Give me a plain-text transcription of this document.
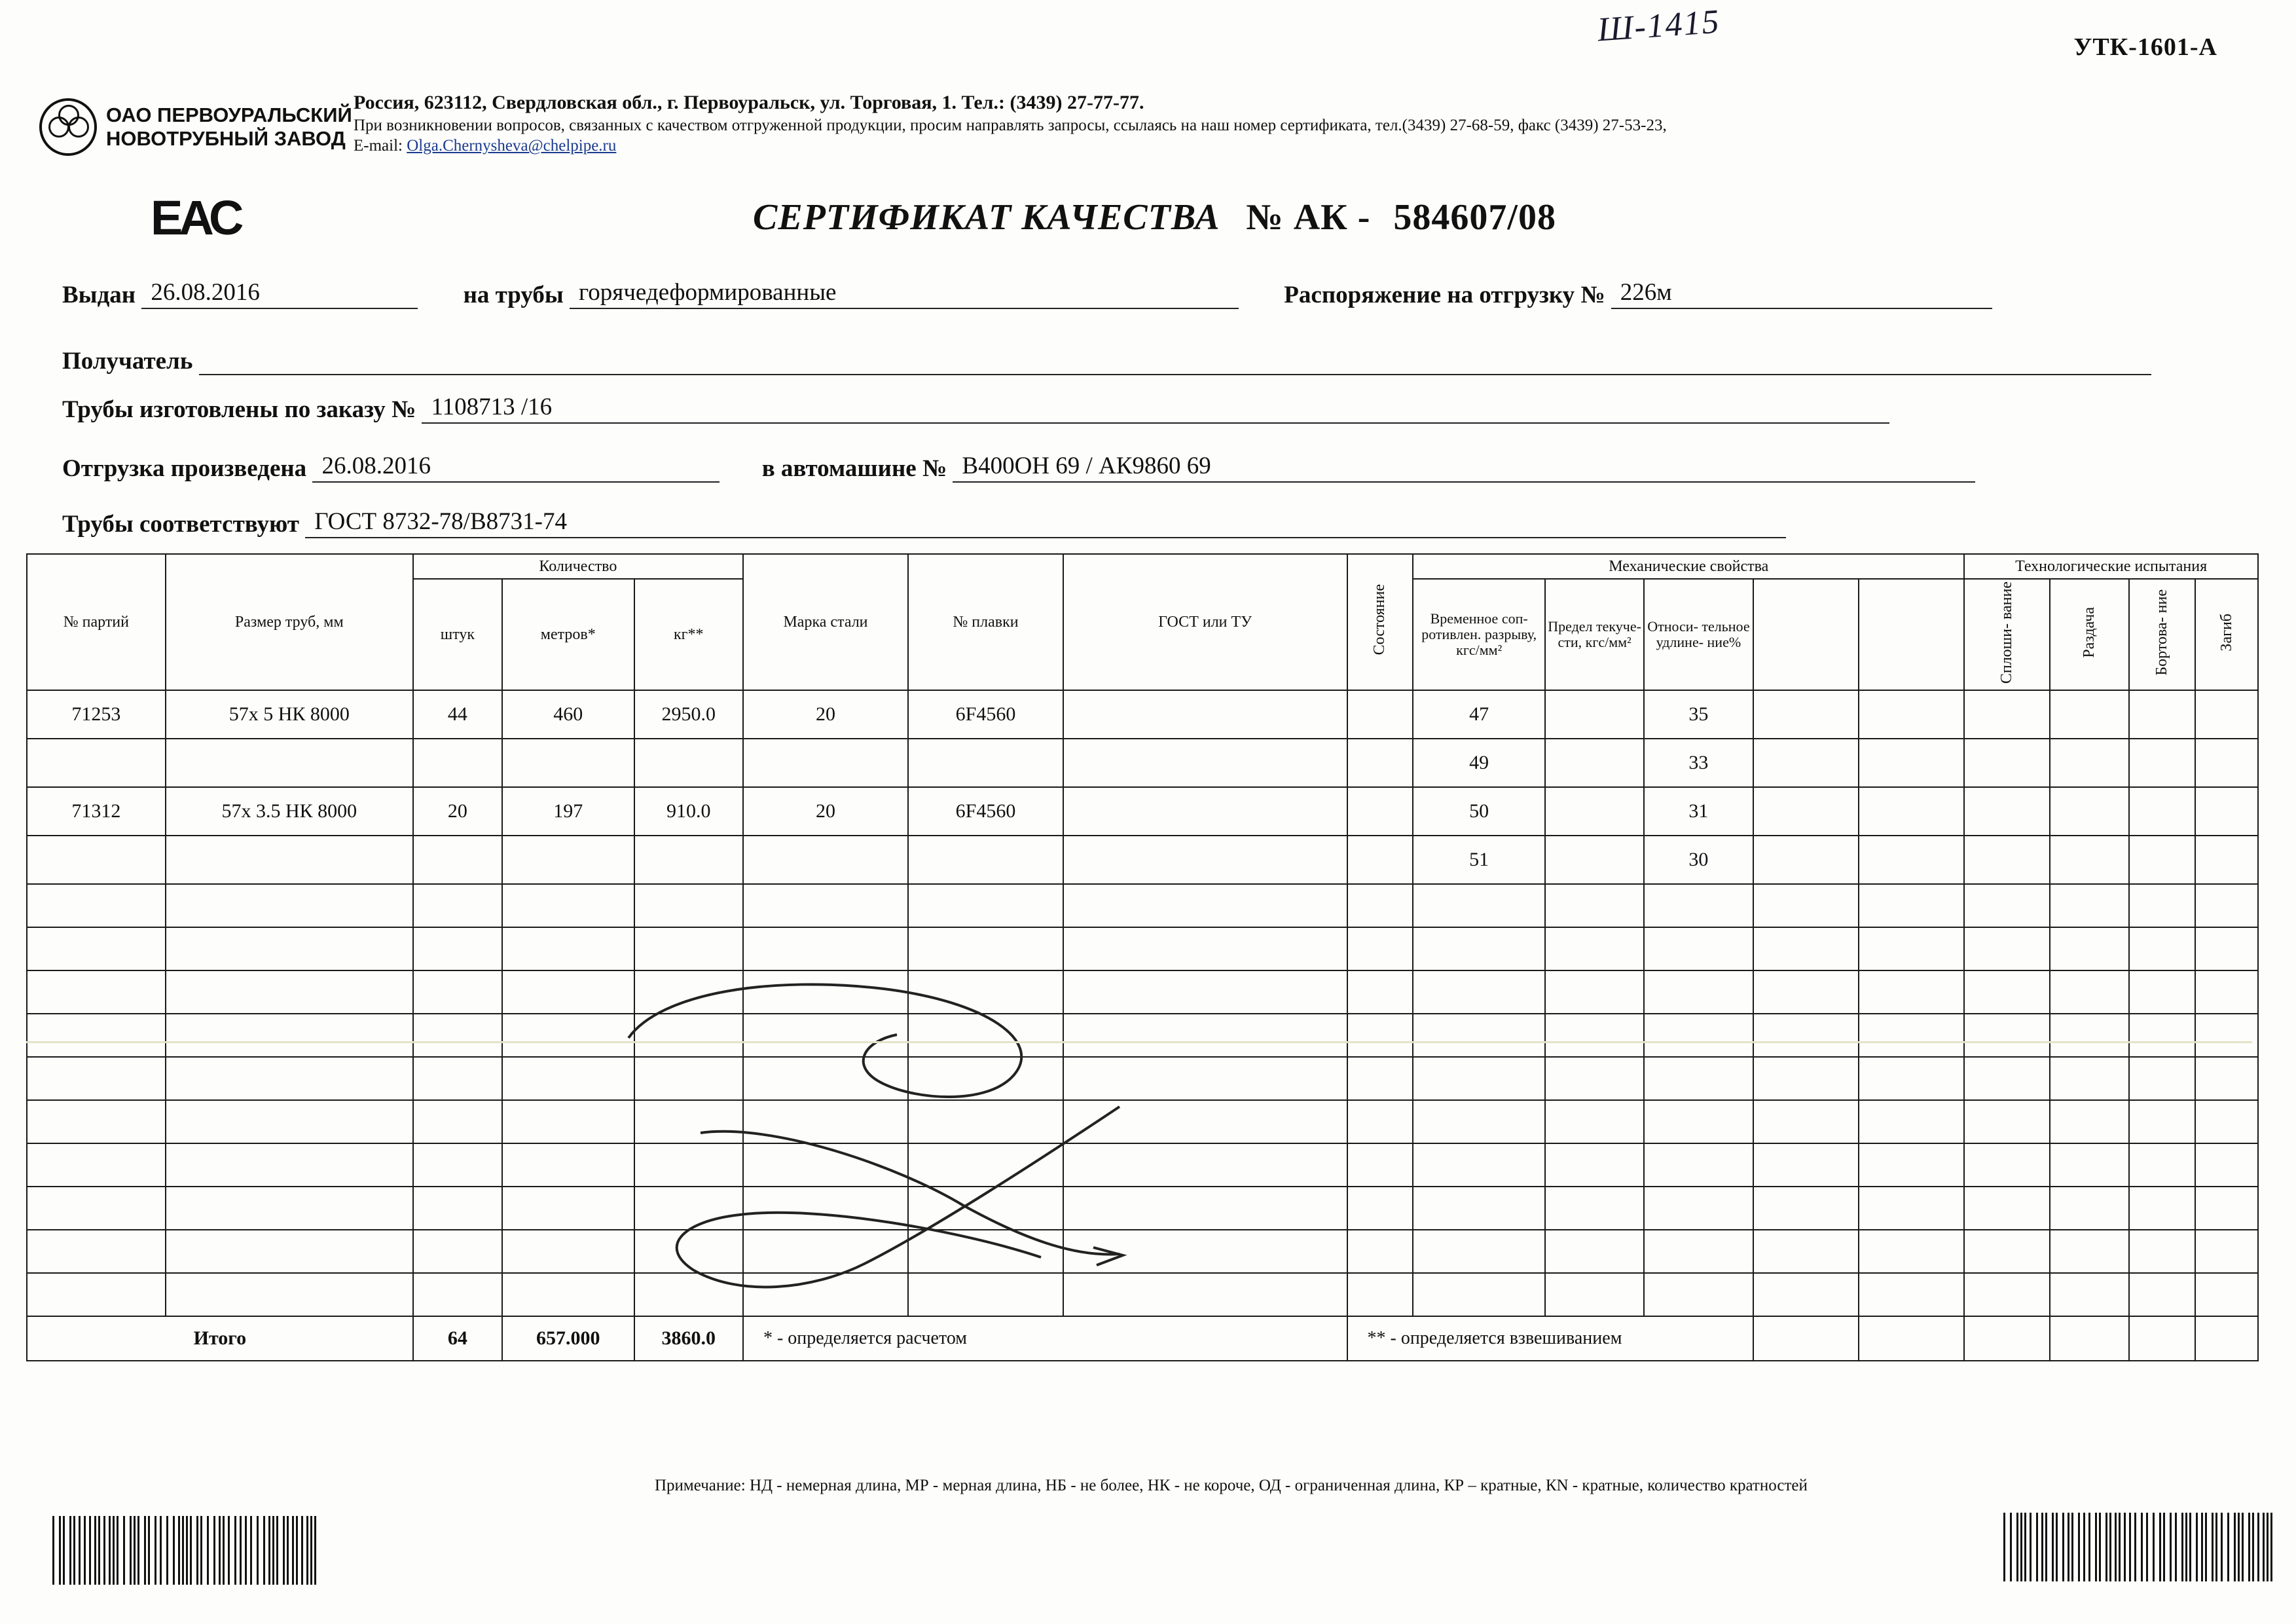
Ш-1415	УТК-1601-А
ОАО ПЕРВОУРАЛЬСКИЙ
НОВОТРУБНЫЙ ЗАВОД
Россия, 623112, Свердловская обл., г. Первоуральск, ул. Торговая, 1. Тел.: (3439) 27-77-77.
При возникновении вопросов, связанных с качеством отгруженной продукции, просим направлять запросы, ссылаясь на наш номер сертификата, тел.(3439) 27-68-59, факс (3439) 27-53-23,
E-mail: Olga.Chernysheva@chelpipe.ru
ЕАС	СЕРТИФИКАТ КАЧЕСТВА № АК - 584607/08
Выдан 26.08.2016	на трубы горячедеформированные	Распоряжение на отгрузку № 226м
Получатель
Трубы изготовлены по заказу № 1108713 /16
Отгрузка произведена 26.08.2016	в автомашине № В400ОН 69 / АК9860 69
Трубы соответствуют ГОСТ 8732-78/В8731-74
№ партий	Размер труб, мм	Количество			Марка стали	№ плавки	ГОСТ или ТУ	Состояние	Механические свойства					Технологические испытания			
		штук	метров*	кг**					Временное соп- ротивлен. разрыву, кгс/мм²	Предел текуче- сти, кгс/мм²	Относи- тельное удлине- ние%			Сплоши- вание	Раздача	Бортова- ние	Загиб

71253	57х 5 НК 8000	44	460	2950.0	20	6F4560			47		35						
									49		33						
71312	57х 3.5 НК 8000	20	197	910.0	20	6F4560			50		31						
									51		30						

Итого		64	657.000	3860.0	* - определяется расчетом			** - определяется взвешиванием									
Примечание: НД - немерная длина, МР - мерная длина, НБ - не более, НК - не короче, ОД - ограниченная длина, КР – кратные, КN - кратные, количество кратностей
